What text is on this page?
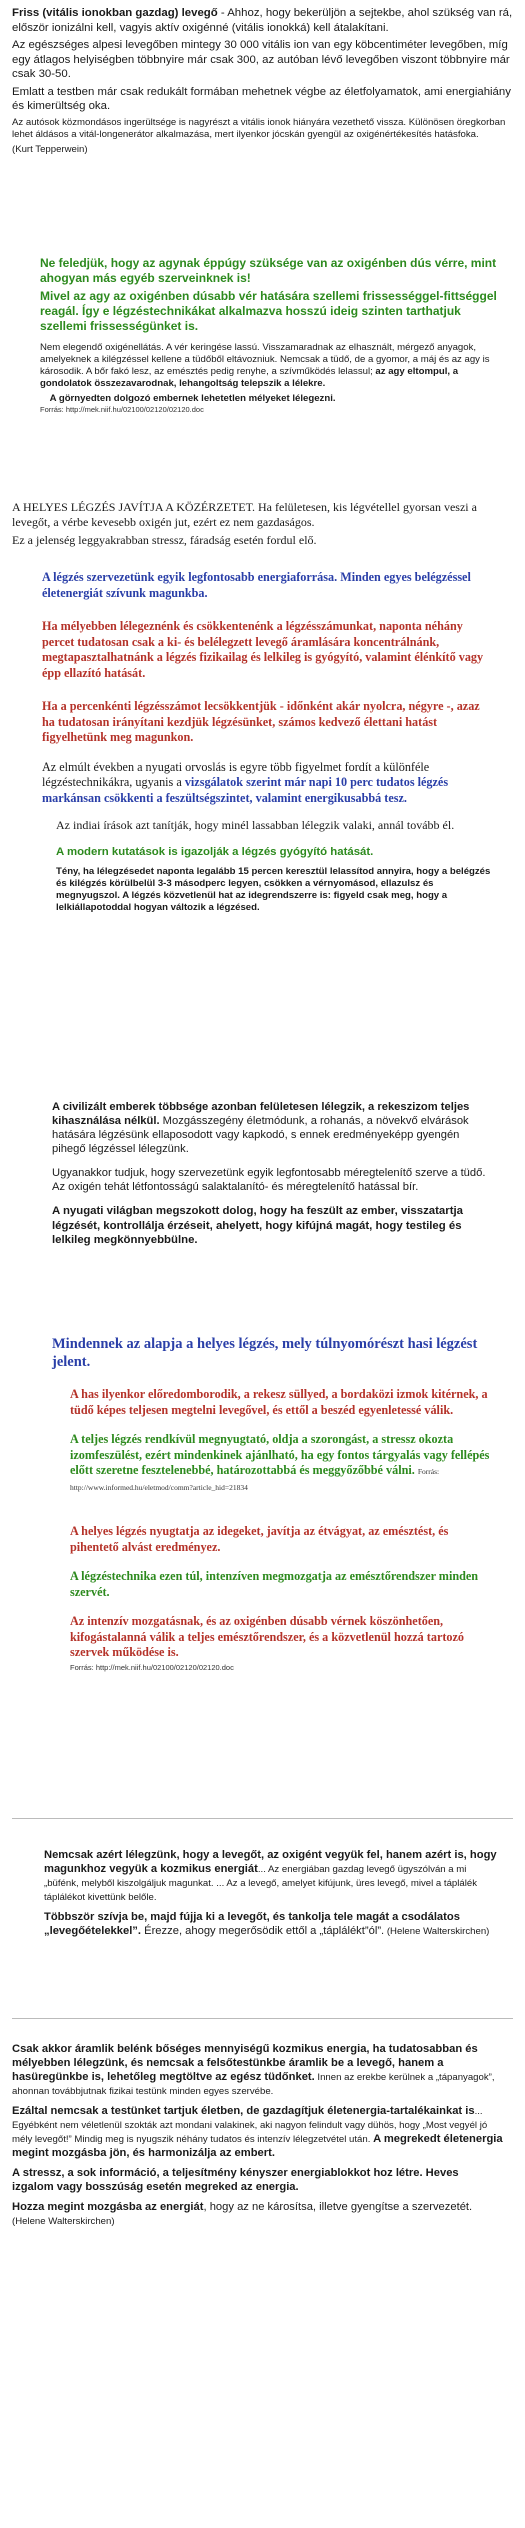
Friss (vitális ionokban gazdag) levegő - Ahhoz, hogy bekerüljön a sejtekbe, ahol szükség van rá, először ionizálni kell, vagyis aktív oxigénné (vitális ionokká) kell átalakítani.

Az egészséges alpesi levegőben mintegy 30 000 vitális ion van egy köbcentiméter levegőben, míg egy átlagos helyiségben többnyire már csak 300, az autóban lévő levegőben viszont többnyire már csak 30-50.

Emlatt a testben már csak redukált formában mehetnek végbe az életfolyamatok, ami energiahiány és kimerültség oka.

Az autósok közmondásos ingerültsége is nagyrészt a vitális ionok hiányára vezethető vissza. Különösen öregkorban lehet áldásos a vitál-longenerátor alkalmazása, mert ilyenkor jócskán gyengül az oxigénértékesítés hatásfoka.

(Kurt Tepperwein)

Ne feledjük, hogy az agynak éppúgy szüksége van az oxigénben dús vérre, mint ahogyan más egyéb szerveinknek is!

Mivel az agy az oxigénben dúsabb vér hatására szellemi frissességgel-fittséggel reagál. Így e légzéstechnikákat alkalmazva hosszú ideig szinten tarthatjuk szellemi frissességünket is.

Nem elegendő oxigénellátás. A vér keringése lassú. Visszamaradnak az elhasznált, mérgező anyagok, amelyeknek a kilégzéssel kellene a tüdőből eltávozniuk. Nemcsak a tüdő, de a gyomor, a máj és az agy is károsodik. A bőr fakó lesz, az emésztés pedig renyhe, a szívműködés lelassul; az agy eltompul, a gondolatok összezavarodnak, lehangoltság telepszik a lélekre.

 A görnyedten dolgozó embernek lehetetlen mélyeket lélegezni.

Forrás: http://mek.niif.hu/02100/02120/02120.doc

A HELYES LÉGZÉS JAVÍTJA A KÖZÉRZETET. Ha felületesen, kis légvétellel gyorsan veszi a levegőt, a vérbe kevesebb oxigén jut, ezért ez nem gazdaságos.

Ez a jelenség leggyakrabban stressz, fáradság esetén fordul elő.

A légzés szervezetünk egyik legfontosabb energiaforrása. Minden egyes belégzéssel életenergiát szívunk magunkba.

Ha mélyebben lélegeznénk és csökkentenénk a légzésszámunkat, naponta néhány percet tudatosan csak a ki- és belélegzett levegő áramlására koncentrálnánk, megtapasztalhatnánk a légzés fizikailag és lelkileg is gyógyító, valamint élénkítő vagy épp ellazító hatását.

Ha a percenkénti légzésszámot lecsökkentjük - időnként akár nyolcra, négyre -, azaz ha tudatosan irányítani kezdjük légzésünket, számos kedvező élettani hatást figyelhetünk meg magunkon.

Az elmúlt években a nyugati orvoslás is egyre több figyelmet fordít a különféle légzéstechnikákra, ugyanis a vizsgálatok szerint már napi 10 perc tudatos légzés markánsan csökkenti a feszültségszintet, valamint energikusabbá tesz.

Az indiai írások azt tanítják, hogy minél lassabban lélegzik valaki, annál tovább él.

A modern kutatások is igazolják a légzés gyógyító hatását.

Tény, ha lélegzésedet naponta legalább 15 percen keresztül lelassítod annyira, hogy a belégzés és kilégzés körülbelül 3-3 másodperc legyen, csökken a vérnyomásod, ellazulsz és megnyugszol. A légzés közvetlenül hat az idegrendszerre is: figyeld csak meg, hogy a lelkiállapotoddal hogyan változik a légzésed.

A civilizált emberek többsége azonban felületesen lélegzik, a rekeszizom teljes kihasználása nélkül. Mozgásszegény életmódunk, a rohanás, a növekvő elvárások hatására légzésünk ellaposodott vagy kapkodó, s ennek eredményeképp gyengén pihegő légzéssel lélegzünk.

Ugyanakkor tudjuk, hogy szervezetünk egyik legfontosabb méregtelenítő szerve a tüdő. Az oxigén tehát létfontosságú salaktalanító- és méregtelenítő hatással bír.

A nyugati világban megszokott dolog, hogy ha feszült az ember, visszatartja légzését, kontrollálja érzéseit, ahelyett, hogy kifújná magát, hogy testileg és lelkileg megkönnyebbülne.

Mindennek az alapja a helyes légzés, mely túlnyomórészt hasi légzést jelent.

A has ilyenkor előredomborodik, a rekesz süllyed, a bordaközi izmok kitérnek, a tüdő képes teljesen megtelni levegővel, és ettől a beszéd egyenletessé válik.

A teljes légzés rendkívül megnyugtató, oldja a szorongást, a stressz okozta izomfeszülést, ezért mindenkinek ajánlható, ha egy fontos tárgyalás vagy fellépés előtt szeretne fesztelenebbé, határozottabbá és meggyőzőbbé válni. Forrás: http://www.informed.hu/eletmod/comm?article_hid=21834

A helyes légzés nyugtatja az idegeket, javítja az étvágyat, az emésztést, és pihentető alvást eredményez.

A légzéstechnika ezen túl, intenzíven megmozgatja az emésztőrendszer minden szervét.

Az intenzív mozgatásnak, és az oxigénben dúsabb vérnek köszönhetően, kifogástalanná válik a teljes emésztőrendszer, és a közvetlenül hozzá tartozó szervek működése is.

Forrás: http://mek.niif.hu/02100/02120/02120.doc

Nemcsak azért lélegzünk, hogy a levegőt, az oxigént vegyük fel, hanem azért is, hogy magunkhoz vegyük a kozmikus energiát... Az energiában gazdag levegő ügyszólván a mi „büfénk, melyből kiszolgáljuk magunkat. ... Az a levegő, amelyet kifújunk, üres levegő, mivel a táplálék táplálékot kivettünk belőle.

Többször szívja be, majd fújja ki a levegőt, és tankolja tele magát a csodálatos „levegőételekkel”. Érezze, ahogy megerősödik ettől a „táplálékt”ól”. (Helene Walterskirchen)

Csak akkor áramlik belénk bőséges mennyiségű kozmikus energia, ha tudatosabban és mélyebben lélegzünk, és nemcsak a felsőtestünkbe áramlik be a levegő, hanem a hasüregünkbe is, lehetőleg megtöltve az egész tüdőnket. Innen az erekbe kerülnek a „tápanyagok”, ahonnan továbbjutnak fizikai testünk minden egyes szervébe.

Ezáltal nemcsak a testünket tartjuk életben, de gazdagítjuk életenergia-tartalékainkat is... Egyébként nem véletlenül szokták azt mondani valakinek, aki nagyon felindult vagy dühös, hogy „Most vegyél jó mély levegőt!” Mindig meg is nyugszik néhány tudatos és intenzív lélegzetvétel után. A megrekedt életenergia megint mozgásba jön, és harmonizálja az embert.

A stressz, a sok információ, a teljesítmény kényszer energiablokkot hoz létre. Heves izgalom vagy bosszúság esetén megreked az energia.

Hozza megint mozgásba az energiát, hogy az ne károsítsa, illetve gyengítse a szervezetét. (Helene Walterskirchen)
